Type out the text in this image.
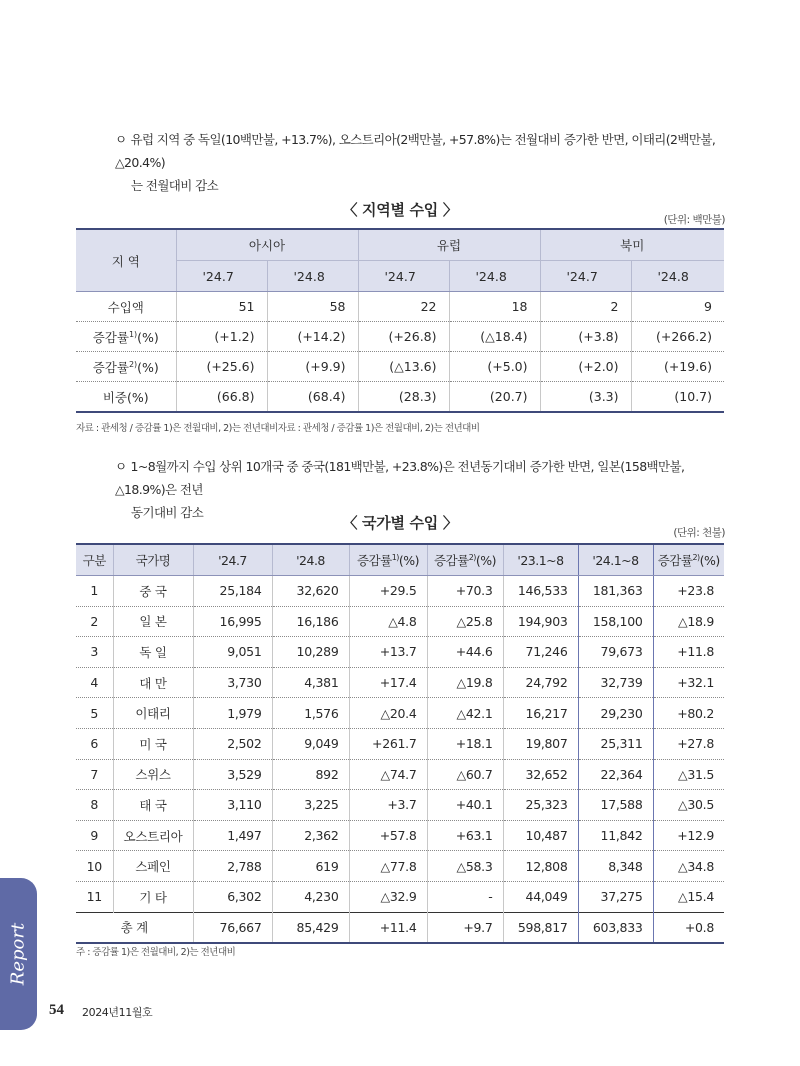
ㅇ 유럽 지역 중 독일(10백만불, +13.7%), 오스트리아(2백만불, +57.8%)는 전월대비 증가한 반면, 이태리(2백만불, △20.4%)
는 전월대비 감소
〈 지역별 수입 〉
(단위: 백만불)
지 역	아시아		유럽		북미	
	'24.7	'24.8	'24.7	'24.8	'24.7	'24.8
수입액	51	58	22	18	2	9
증감률$^{1)}$(%)	(+1.2)	(+14.2)	(+26.8)	(△18.4)	(+3.8)	(+266.2)
증감률$^{2)}$(%)	(+25.6)	(+9.9)	(△13.6)	(+5.0)	(+2.0)	(+19.6)
비중(%)	(66.8)	(68.4)	(28.3)	(20.7)	(3.3)	(10.7)
자료 : 관세청 / 증감률 1)은 전월대비, 2)는 전년대비자료 : 관세청 / 증감률 1)은 전월대비, 2)는 전년대비
ㅇ 1~8월까지 수입 상위 10개국 중 중국(181백만불, +23.8%)은 전년동기대비 증가한 반면, 일본(158백만불, △18.9%)은 전년
동기대비 감소
〈 국가별 수입 〉
(단위: 천불)
구분	국가명	'24.7	'24.8	증감률$^{1)}$(%)	증감률$^{2)}$(%)	'23.1~8	'24.1~8	증감률$^{2)}$(%)
1	중 국	25,184	32,620	+29.5	+70.3	146,533	181,363	+23.8
2	일 본	16,995	16,186	△4.8	△25.8	194,903	158,100	△18.9
3	독 일	9,051	10,289	+13.7	+44.6	71,246	79,673	+11.8
4	대 만	3,730	4,381	+17.4	△19.8	24,792	32,739	+32.1
5	이태리	1,979	1,576	△20.4	△42.1	16,217	29,230	+80.2
6	미 국	2,502	9,049	+261.7	+18.1	19,807	25,311	+27.8
7	스위스	3,529	892	△74.7	△60.7	32,652	22,364	△31.5
8	태 국	3,110	3,225	+3.7	+40.1	25,323	17,588	△30.5
9	오스트리아	1,497	2,362	+57.8	+63.1	10,487	11,842	+12.9
10	스페인	2,788	619	△77.8	△58.3	12,808	8,348	△34.8
11	기 타	6,302	4,230	△32.9	-	44,049	37,275	△15.4
총 계		76,667	85,429	+11.4	+9.7	598,817	603,833	+0.8
주 : 증감률 1)은 전월대비, 2)는 전년대비
Report
54 2024년11월호
